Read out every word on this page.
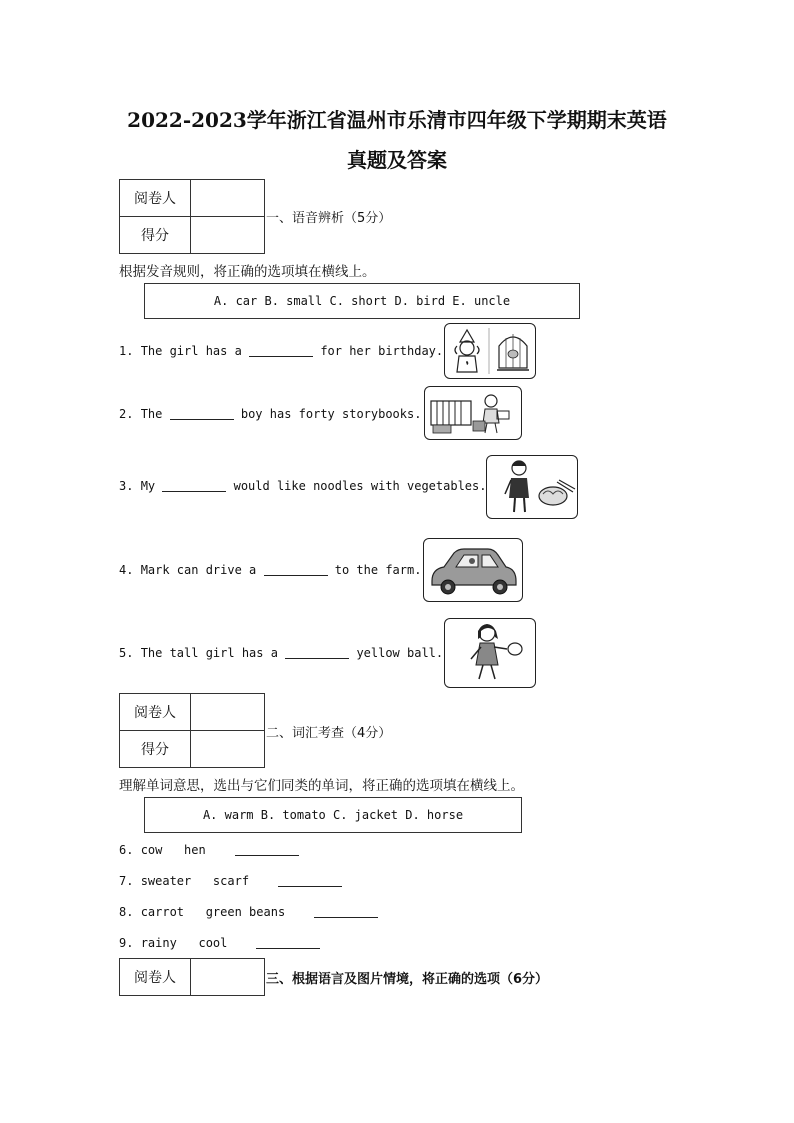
2022-2023学年浙江省温州市乐清市四年级下学期期末英语
真题及答案
阅卷人	
得分	
一、语音辨析（5分）
根据发音规则，将正确的选项填在横线上。
A. car B. small C. short D. bird E. uncle
1. The girl has a	for her birthday.
2. The	boy has forty storybooks.
3. My	would like noodles with vegetables.
4. Mark can drive a	to the farm.
5. The tall girl has a	yellow ball.
阅卷人	
得分	
二、词汇考查（4分）
理解单词意思，选出与它们同类的单词，将正确的选项填在横线上。
A. warm B. tomato C. jacket D. horse
6. cow   hen
7. sweater   scarf
8. carrot   green beans
9. rainy   cool
阅卷人		三、根据语言及图片情境，将正确的选项（6分）
